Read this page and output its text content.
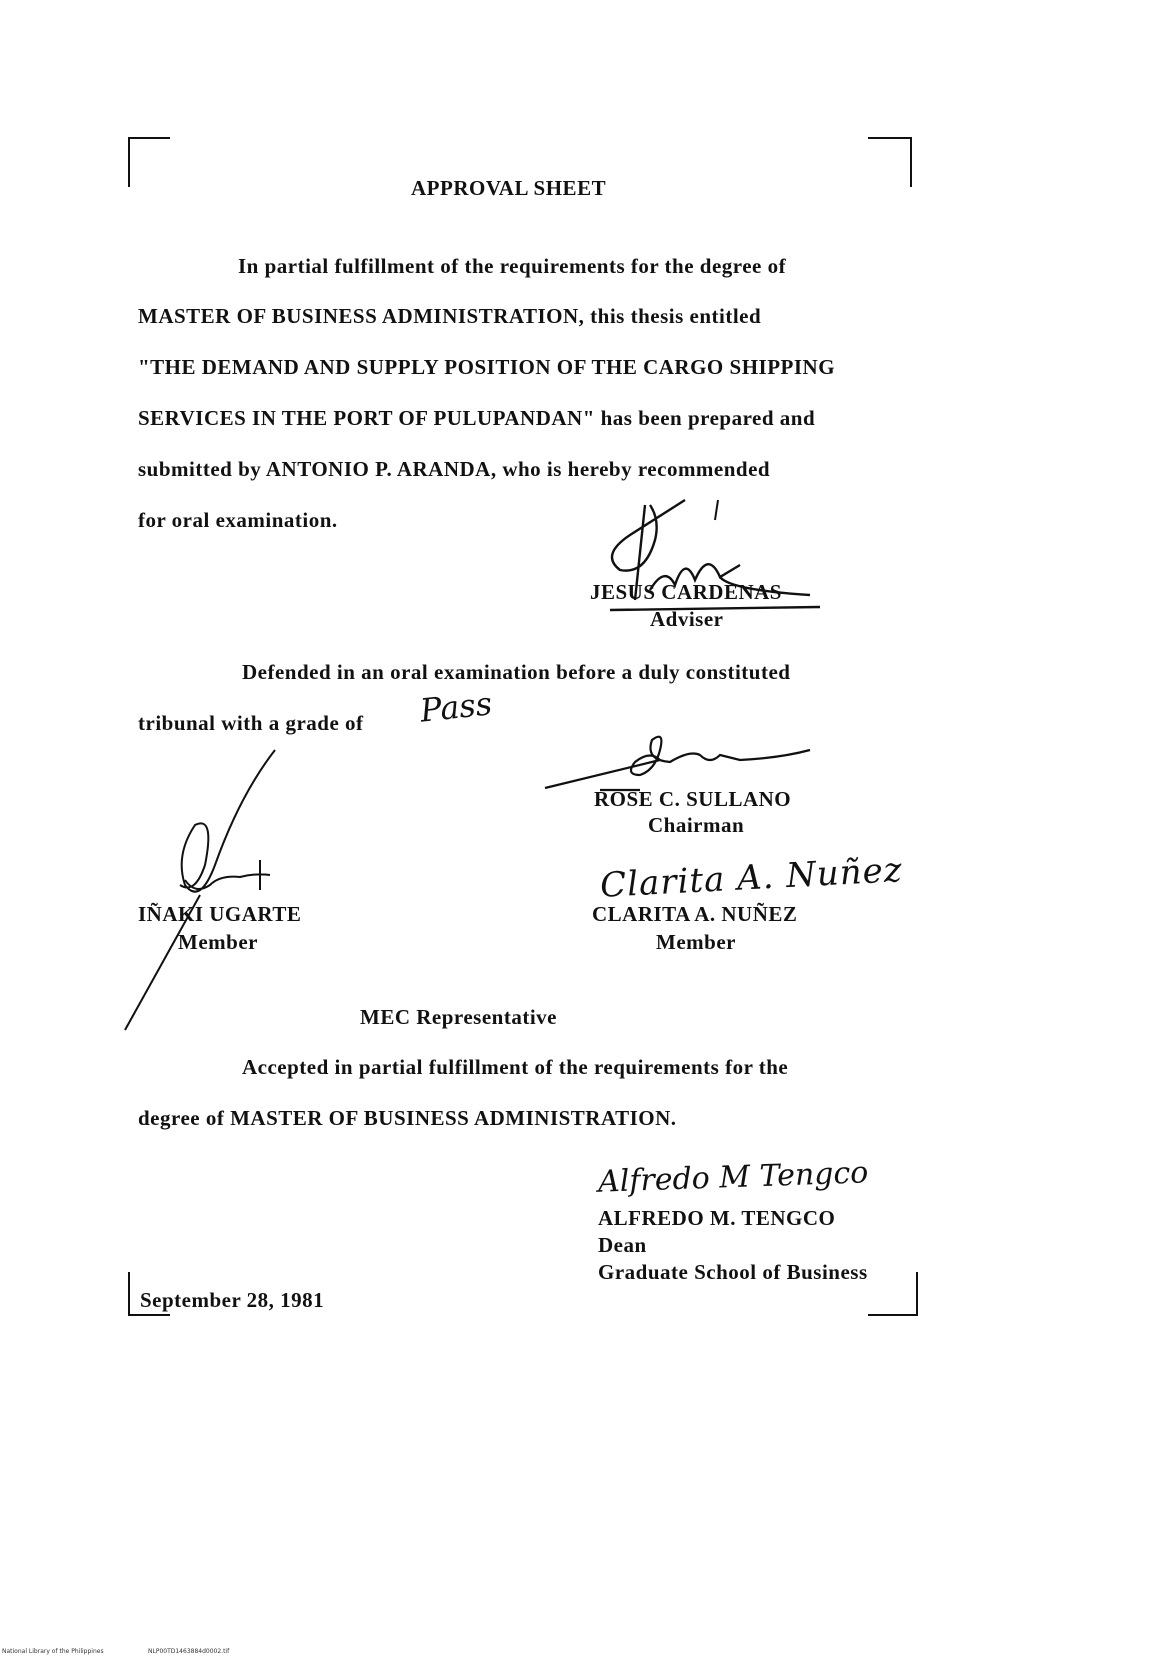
APPROVAL SHEET
In partial fulfillment of the requirements for the degree of
MASTER OF BUSINESS ADMINISTRATION, this thesis entitled
"THE DEMAND AND SUPPLY POSITION OF THE CARGO SHIPPING
SERVICES IN THE PORT OF PULUPANDAN" has been prepared and
submitted by ANTONIO P. ARANDA, who is hereby recommended
for oral examination.
JESUS CARDENAS
Adviser
Defended in an oral examination before a duly constituted
tribunal with a grade of Pass
ROSE C. SULLANO
Chairman
IÑAKI UGARTE
Member
Clarita A. Nuñez
CLARITA A. NUÑEZ
Member
MEC Representative
Accepted in partial fulfillment of the requirements for the
degree of MASTER OF BUSINESS ADMINISTRATION.
Alfredo M Tengco
ALFREDO M. TENGCO
Dean
Graduate School of Business
September 28, 1981
National Library of the Philippines	NLP00TD1463884d0002.tif
